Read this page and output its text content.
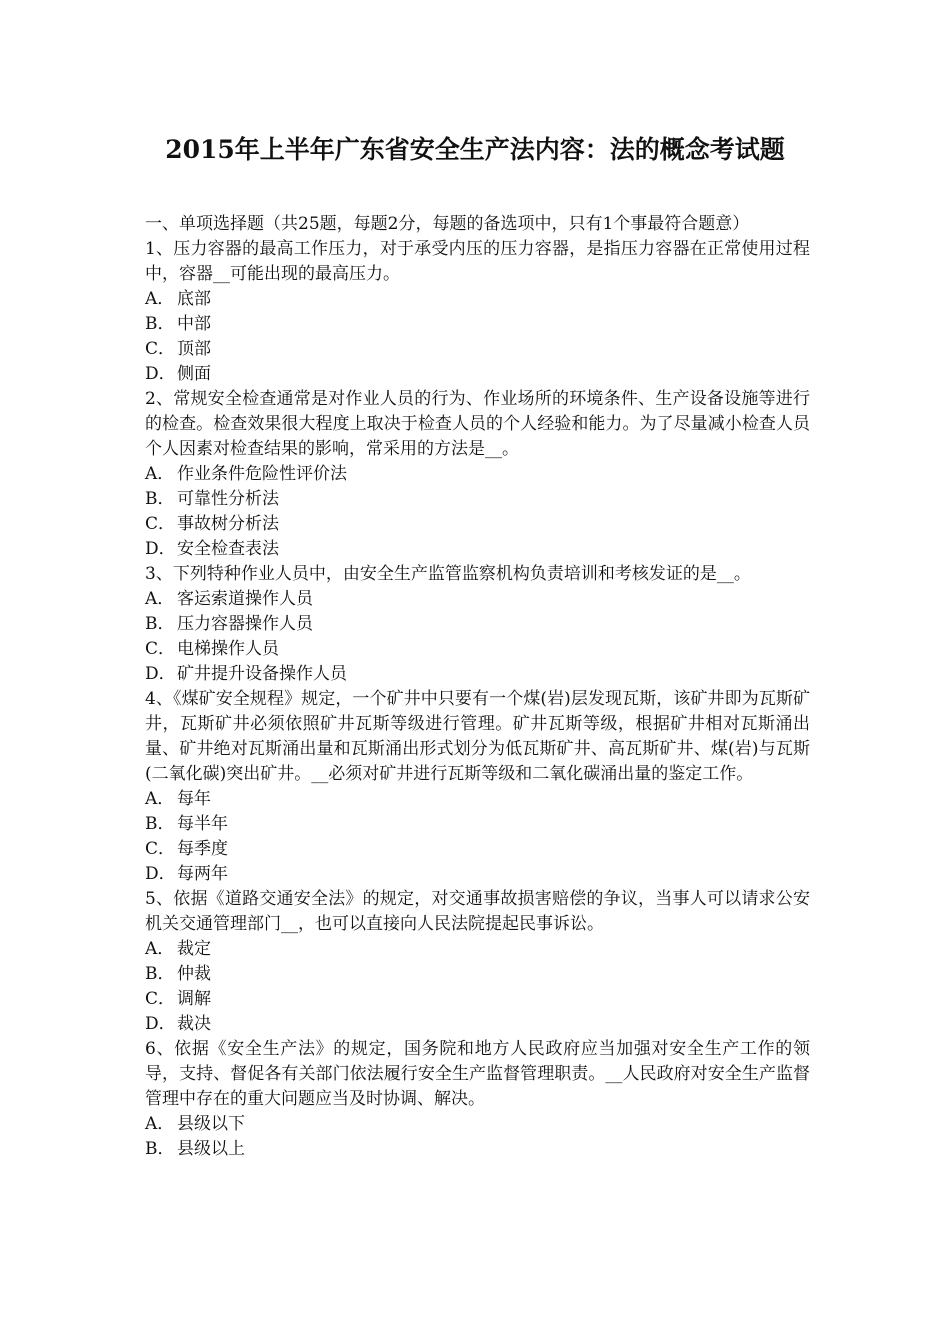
2015年上半年广东省安全生产法内容：法的概念考试题

一、单项选择题（共25题，每题2分，每题的备选项中，只有1个事最符合题意）

1、压力容器的最高工作压力，对于承受内压的压力容器，是指压力容器在正常使用过程中，容器__可能出现的最高压力。

A． 底部

B． 中部

C． 顶部

D．侧面

2、常规安全检查通常是对作业人员的行为、作业场所的环境条件、生产设备设施等进行的检查。检查效果很大程度上取决于检查人员的个人经验和能力。为了尽量减小检查人员个人因素对检查结果的影响，常采用的方法是__。

A． 作业条件危险性评价法

B． 可靠性分析法

C． 事故树分析法

D．安全检查表法

3、下列特种作业人员中，由安全生产监管监察机构负责培训和考核发证的是__。

A． 客运索道操作人员

B． 压力容器操作人员

C． 电梯操作人员

D．矿井提升设备操作人员

4、《煤矿安全规程》规定，一个矿井中只要有一个煤(岩)层发现瓦斯，该矿井即为瓦斯矿井，瓦斯矿井必须依照矿井瓦斯等级进行管理。矿井瓦斯等级，根据矿井相对瓦斯涌出量、矿井绝对瓦斯涌出量和瓦斯涌出形式划分为低瓦斯矿井、高瓦斯矿井、煤(岩)与瓦斯(二氧化碳)突出矿井。__必须对矿井进行瓦斯等级和二氧化碳涌出量的鉴定工作。

A． 每年

B． 每半年

C． 每季度

D．每两年

5、依据《道路交通安全法》的规定，对交通事故损害赔偿的争议，当事人可以请求公安机关交通管理部门__，也可以直接向人民法院提起民事诉讼。

A． 裁定

B． 仲裁

C． 调解

D．裁决

6、依据《安全生产法》的规定，国务院和地方人民政府应当加强对安全生产工作的领导，支持、督促各有关部门依法履行安全生产监督管理职责。__人民政府对安全生产监督管理中存在的重大问题应当及时协调、解决。

A． 县级以下

B． 县级以上
